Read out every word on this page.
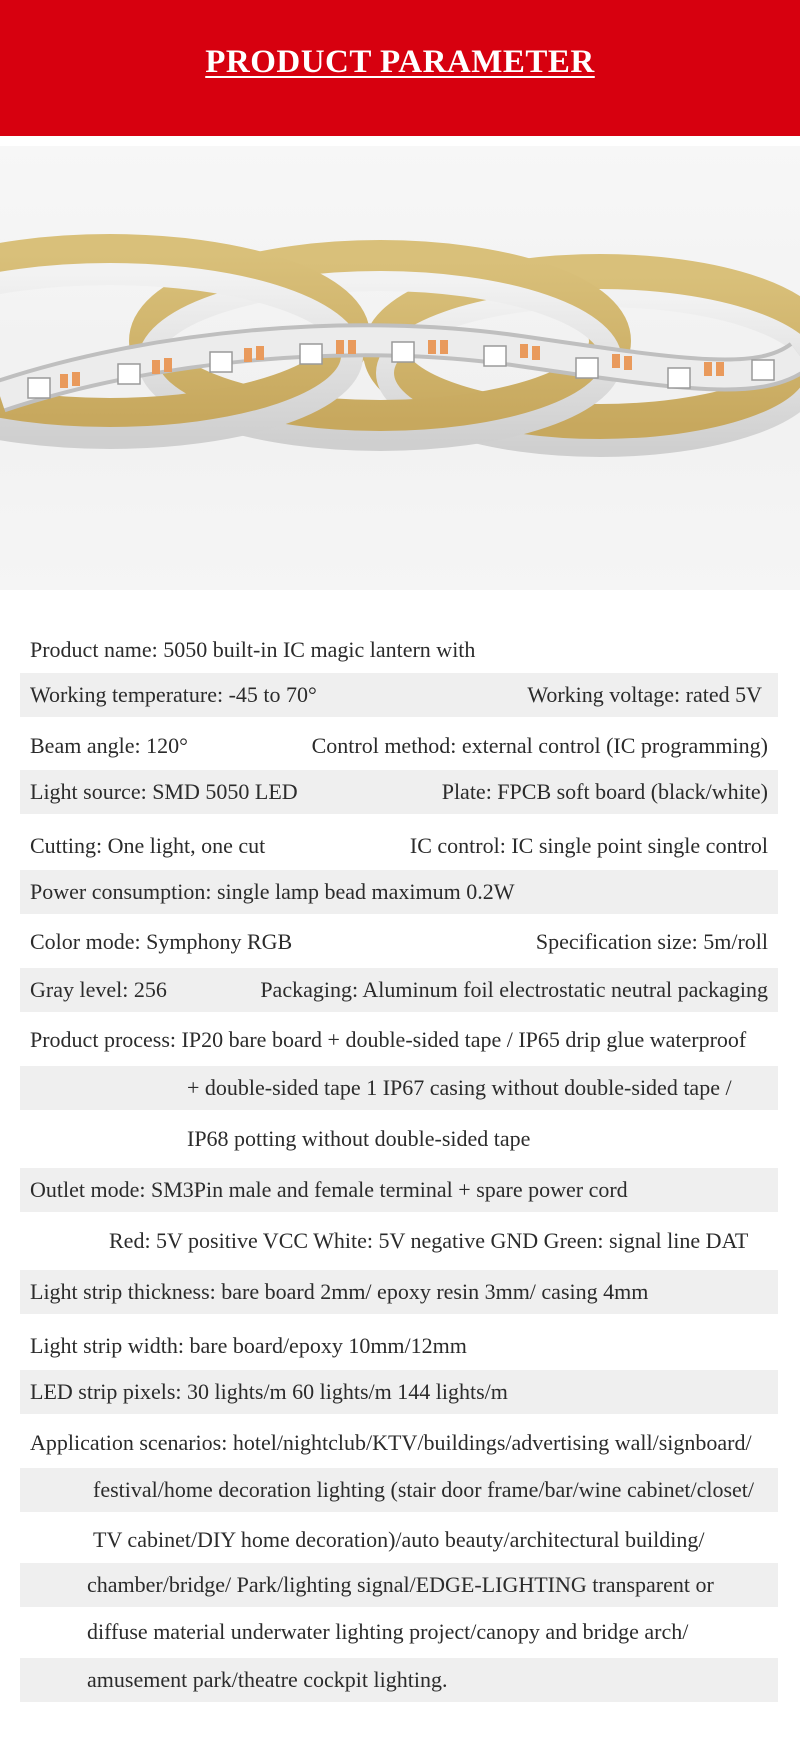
PRODUCT PARAMETER
Product name: 5050 built-in IC magic lantern with
Working temperature: -45 to 70°	Working voltage: rated 5V
Beam angle: 120°	Control method: external control (IC programming)
Light source: SMD 5050 LED	Plate: FPCB soft board (black/white)
Cutting: One light, one cut	IC control: IC single point single control
Power consumption: single lamp bead maximum 0.2W
Color mode: Symphony RGB	Specification size: 5m/roll
Gray level: 256	Packaging: Aluminum foil electrostatic neutral packaging
Product process: IP20 bare board + double-sided tape / IP65 drip glue waterproof
+ double-sided tape 1 IP67 casing without double-sided tape /
IP68 potting without double-sided tape
Outlet mode: SM3Pin male and female terminal + spare power cord
Red: 5V positive VCC White: 5V negative GND Green: signal line DAT
Light strip thickness: bare board 2mm/ epoxy resin 3mm/ casing 4mm
Light strip width: bare board/epoxy 10mm/12mm
LED strip pixels: 30 lights/m 60 lights/m 144 lights/m
Application scenarios: hotel/nightclub/KTV/buildings/advertising wall/signboard/
festival/home decoration lighting (stair door frame/bar/wine cabinet/closet/
TV cabinet/DIY home decoration)/auto beauty/architectural building/
chamber/bridge/ Park/lighting signal/EDGE-LIGHTING transparent or
diffuse material underwater lighting project/canopy and bridge arch/
amusement park/theatre cockpit lighting.
